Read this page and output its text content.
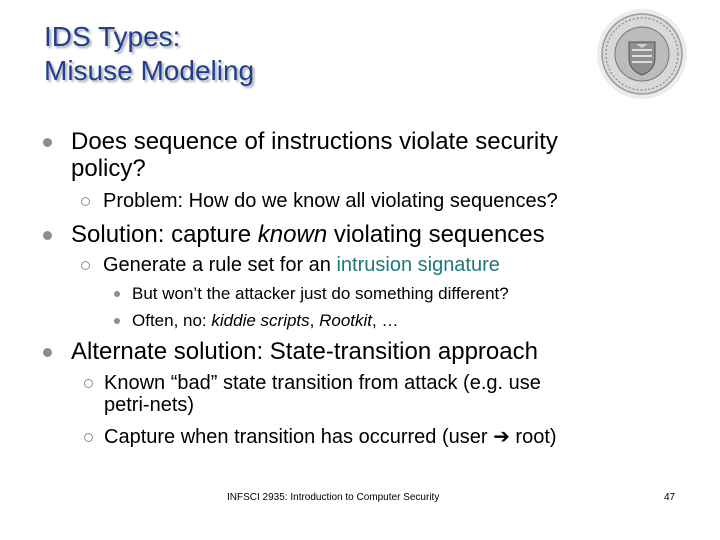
IDS Types:
Misuse Modeling
Does sequence of instructions violate security
policy?
Problem: How do we know all violating sequences?
Solution: capture known violating sequences
Generate a rule set for an intrusion signature
But won’t the attacker just do something different?
Often, no: kiddie scripts, Rootkit, …
Alternate solution: State-transition approach
Known “bad” state transition from attack (e.g. use
petri-nets)
Capture when transition has occurred (user ➔ root)
INFSCI 2935: Introduction to Computer Security	47
